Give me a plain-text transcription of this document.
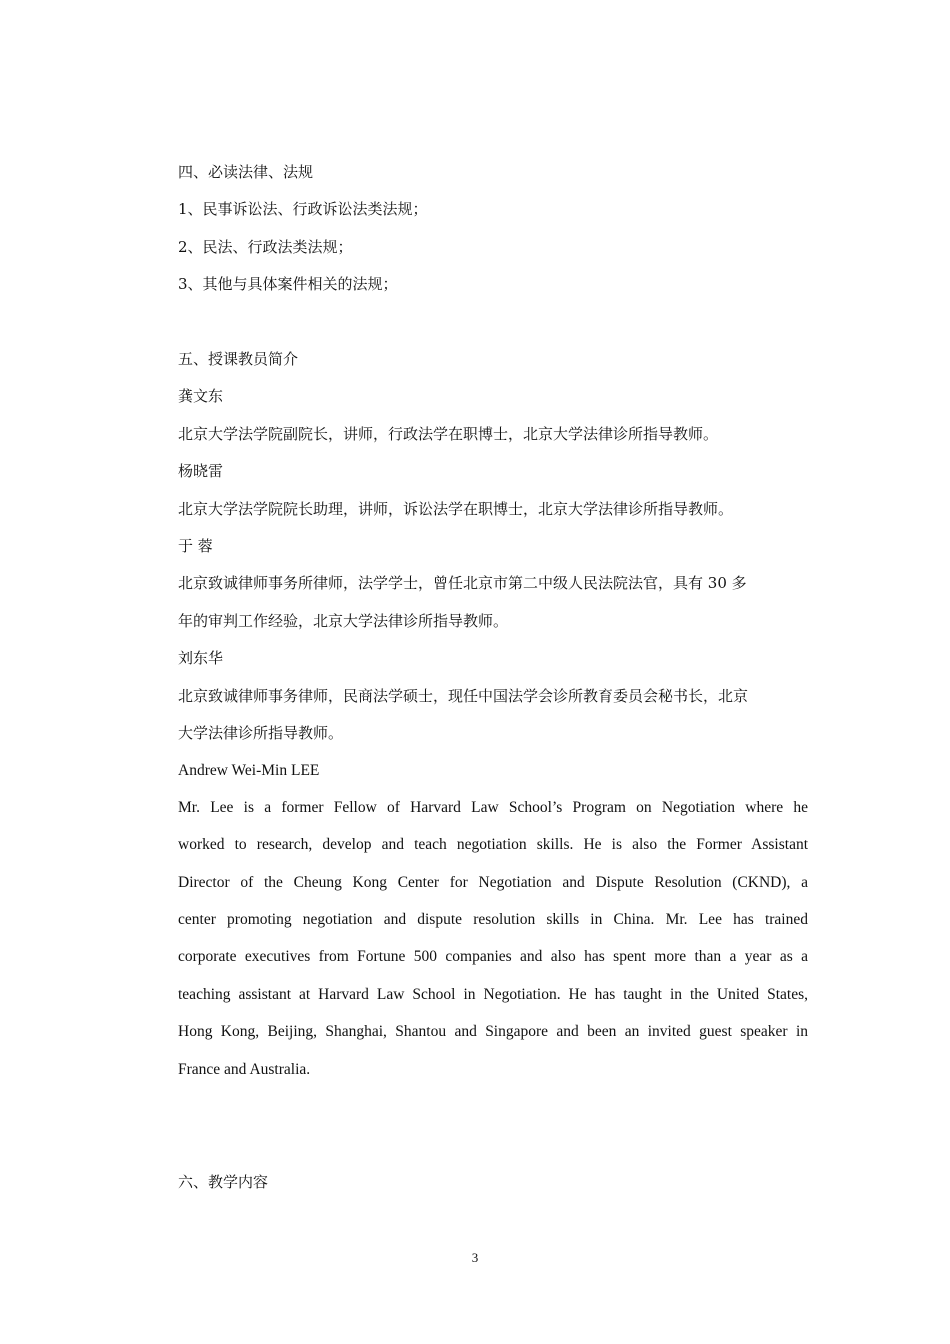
四、必读法律、法规
1、民事诉讼法、行政诉讼法类法规；
2、民法、行政法类法规；
3、其他与具体案件相关的法规；
五、授课教员简介
龚文东
北京大学法学院副院长，讲师，行政法学在职博士，北京大学法律诊所指导教师。
杨晓雷
北京大学法学院院长助理，讲师，诉讼法学在职博士，北京大学法律诊所指导教师。
于 蓉
北京致诚律师事务所律师，法学学士，曾任北京市第二中级人民法院法官，具有 30 多
年的审判工作经验，北京大学法律诊所指导教师。
刘东华
北京致诚律师事务律师，民商法学硕士，现任中国法学会诊所教育委员会秘书长，北京
大学法律诊所指导教师。
Andrew Wei-Min LEE
Mr. Lee is a former Fellow of Harvard Law School’s Program on Negotiation where he
worked to research, develop and teach negotiation skills. He is also the Former Assistant
Director of the Cheung Kong Center for Negotiation and Dispute Resolution (CKND), a
center promoting negotiation and dispute resolution skills in China. Mr. Lee has trained
corporate executives from Fortune 500 companies and also has spent more than a year as a
teaching assistant at Harvard Law School in Negotiation. He has taught in the United States,
Hong Kong, Beijing, Shanghai, Shantou and Singapore and been an invited guest speaker in
France and Australia.
六、教学内容
3
